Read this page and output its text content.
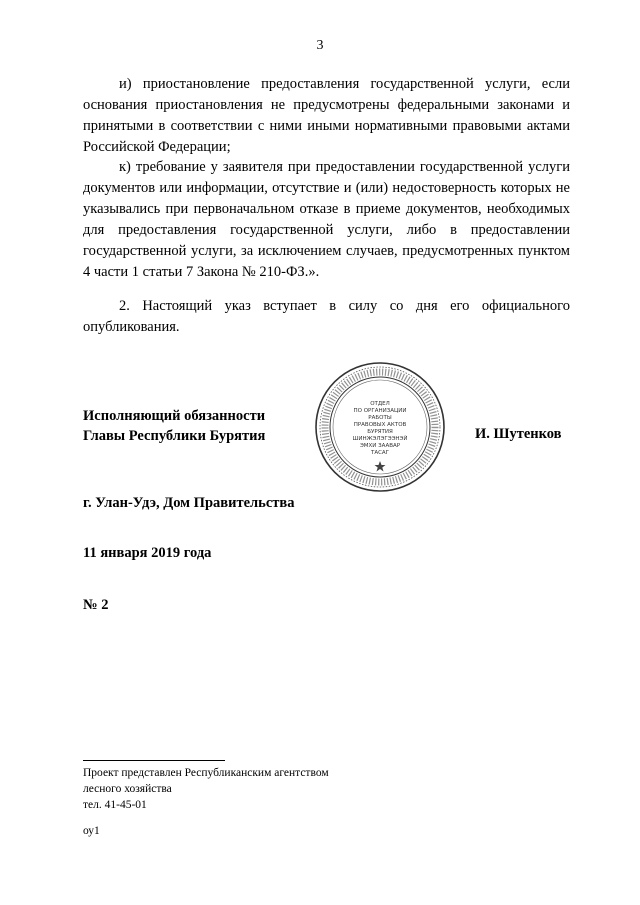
3

и) приостановление предоставления государственной услуги, если основания приостановления не предусмотрены федеральными законами и принятыми в соответствии с ними иными нормативными правовыми актами Российской Федерации;

к) требование у заявителя при предоставлении государственной услуги документов или информации, отсутствие и (или) недостоверность которых не указывались при первоначальном отказе в приеме документов, необходимых для предоставления государственной услуги, либо в предоставлении государственной услуги, за исключением случаев, предусмотренных пунктом 4 части 1 статьи 7 Закона № 210-ФЗ.».

2. Настоящий указ вступает в силу со дня его официального опубликования.

Исполняющий обязанности
Главы Республики Бурятия
ОТДЕЛ
ПО ОРГАНИЗАЦИИ
РАБОТЫ
ПРАВОВЫХ АКТОВ
БУРЯТИЯ
ШИНЖЭЛЭГЭЭНЭЙ
ЭМХИ ЗААВАР
ТАСАГ
И. Шутенков
г. Улан-Удэ, Дом Правительства
11 января 2019 года
№ 2
Проект представлен Республиканским агентством
лесного хозяйства
тел. 41-45-01
оу1
